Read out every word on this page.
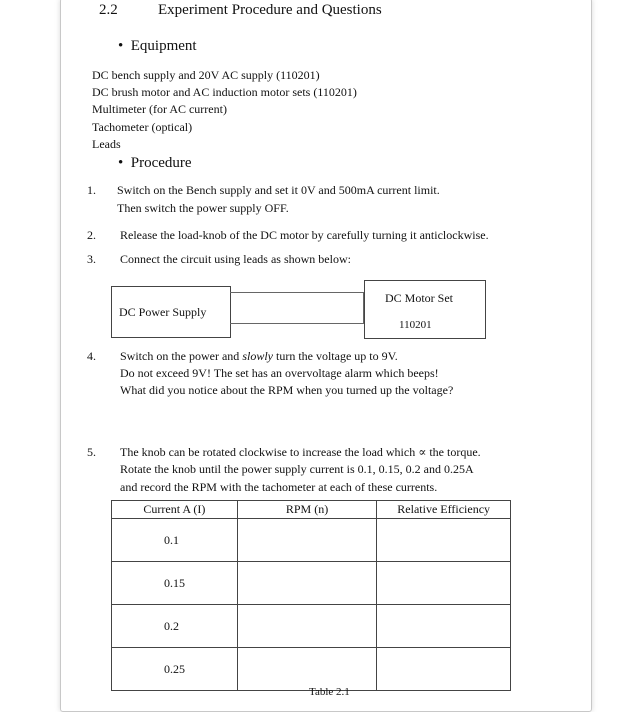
2.2	Experiment Procedure and Questions
• Equipment
DC bench supply and 20V AC supply (110201)
DC brush motor and AC induction motor sets (110201)
Multimeter (for AC current)
Tachometer (optical)
Leads
• Procedure
1. Switch on the Bench supply and set it 0V and 500mA current limit.
Then switch the power supply OFF.
2. Release the load-knob of the DC motor by carefully turning it anticlockwise.
3. Connect the circuit using leads as shown below:
DC Power Supply
DC Motor Set
110201
4. Switch on the power and slowly turn the voltage up to 9V.
Do not exceed 9V! The set has an overvoltage alarm which beeps!
What did you notice about the RPM when you turned up the voltage?
5. The knob can be rotated clockwise to increase the load which ∝ the torque.
Rotate the knob until the power supply current is 0.1, 0.15, 0.2 and 0.25A
and record the RPM with the tachometer at each of these currents.
Current A (I)	RPM (n)	Relative Efficiency
0.1		
0.15		
0.2		
0.25		
Table 2.1
